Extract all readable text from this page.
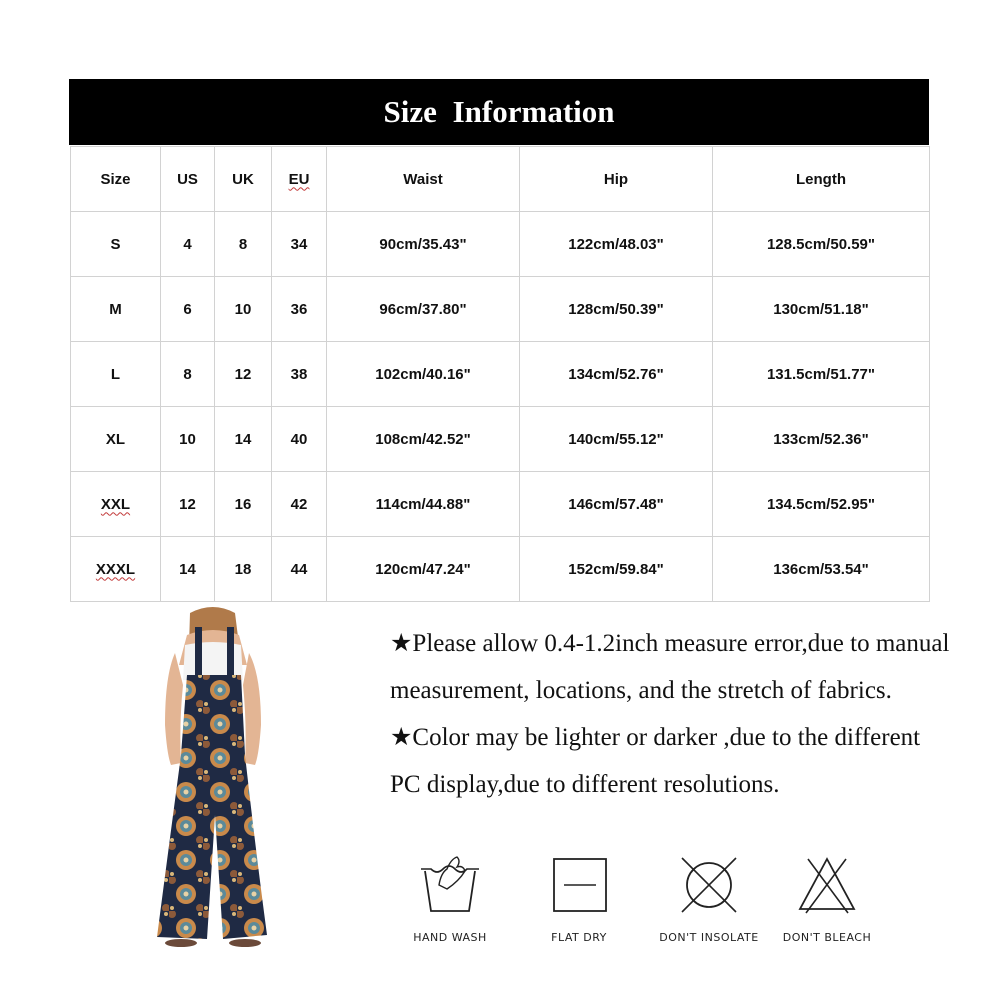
Size Information
Size	US	UK	EU	Waist	Hip	Length
S	4	8	34	90cm/35.43"	122cm/48.03"	128.5cm/50.59"
M	6	10	36	96cm/37.80"	128cm/50.39"	130cm/51.18"
L	8	12	38	102cm/40.16"	134cm/52.76"	131.5cm/51.77"
XL	10	14	40	108cm/42.52"	140cm/55.12"	133cm/52.36"
XXL	12	16	42	114cm/44.88"	146cm/57.48"	134.5cm/52.95"
XXXL	14	18	44	120cm/47.24"	152cm/59.84"	136cm/53.54"

★Please allow 0.4-1.2inch measure error,due to manual measurement, locations, and the stretch of fabrics.

★Color may be lighter or darker ,due to the different PC display,due to different resolutions.

HAND WASH	FLAT DRY	DON'T INSOLATE	DON'T BLEACH
